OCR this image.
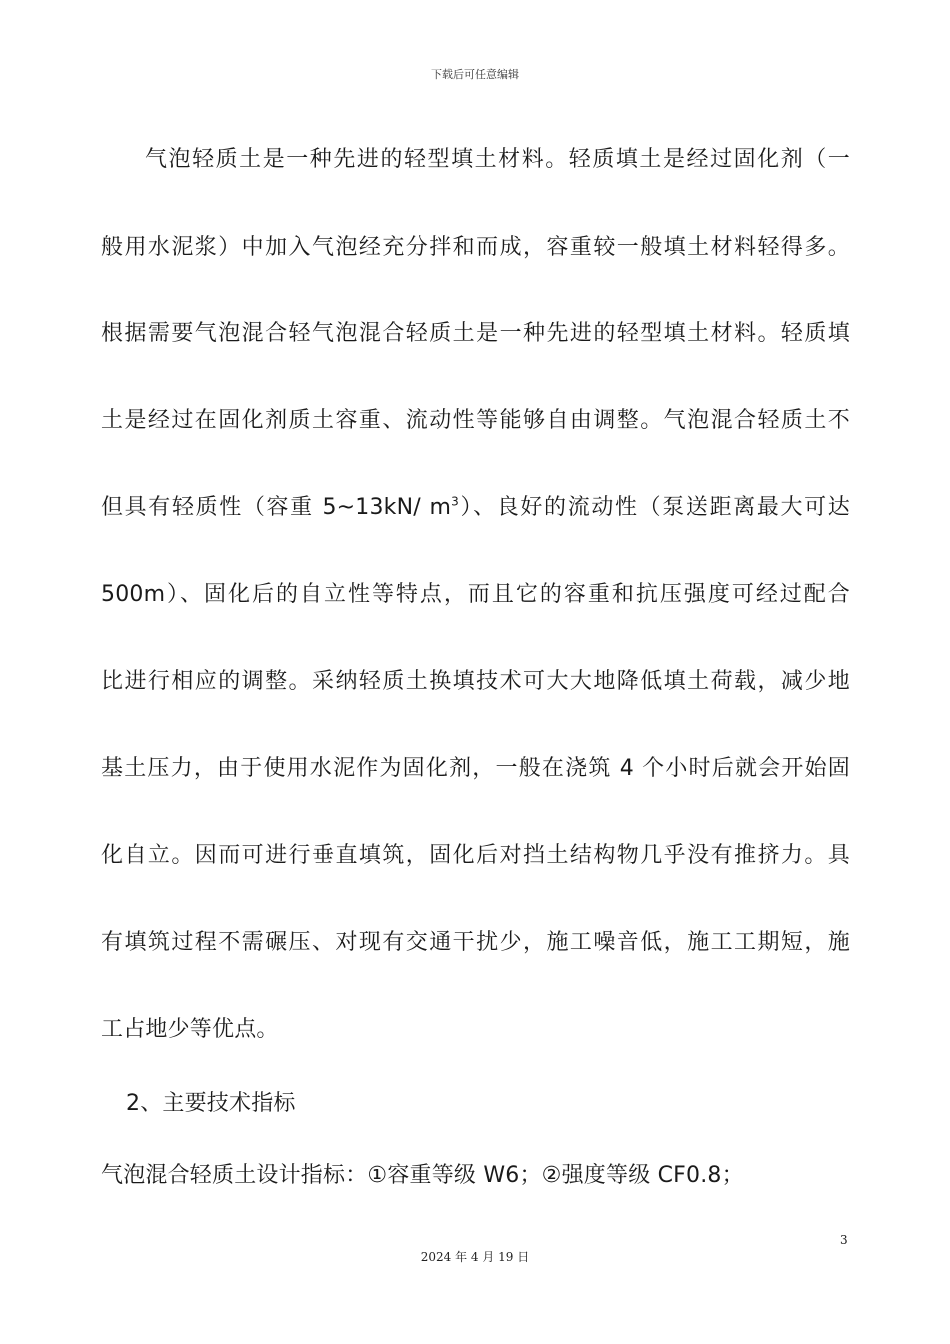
下载后可任意编辑
气泡轻质土是一种先进的轻型填土材料。轻质填土是经过固化剂（一
般用水泥浆）中加入气泡经充分拌和而成，容重较一般填土材料轻得多。
根据需要气泡混合轻气泡混合轻质土是一种先进的轻型填土材料。轻质填
土是经过在固化剂质土容重、流动性等能够自由调整。气泡混合轻质土不
但具有轻质性（容重 5~13kN/ $m^3$）、良好的流动性（泵送距离最大可达
500m）、固化后的自立性等特点，而且它的容重和抗压强度可经过配合
比进行相应的调整。采纳轻质土换填技术可大大地降低填土荷载，减少地
基土压力，由于使用水泥作为固化剂，一般在浇筑 4 个小时后就会开始固
化自立。因而可进行垂直填筑，固化后对挡土结构物几乎没有推挤力。具
有填筑过程不需碾压、对现有交通干扰少，施工噪音低，施工工期短，施
工占地少等优点。
2、主要技术指标
气泡混合轻质土设计指标：①容重等级 W6；②强度等级 CF0.8；
3
2024 年 4 月 19 日
